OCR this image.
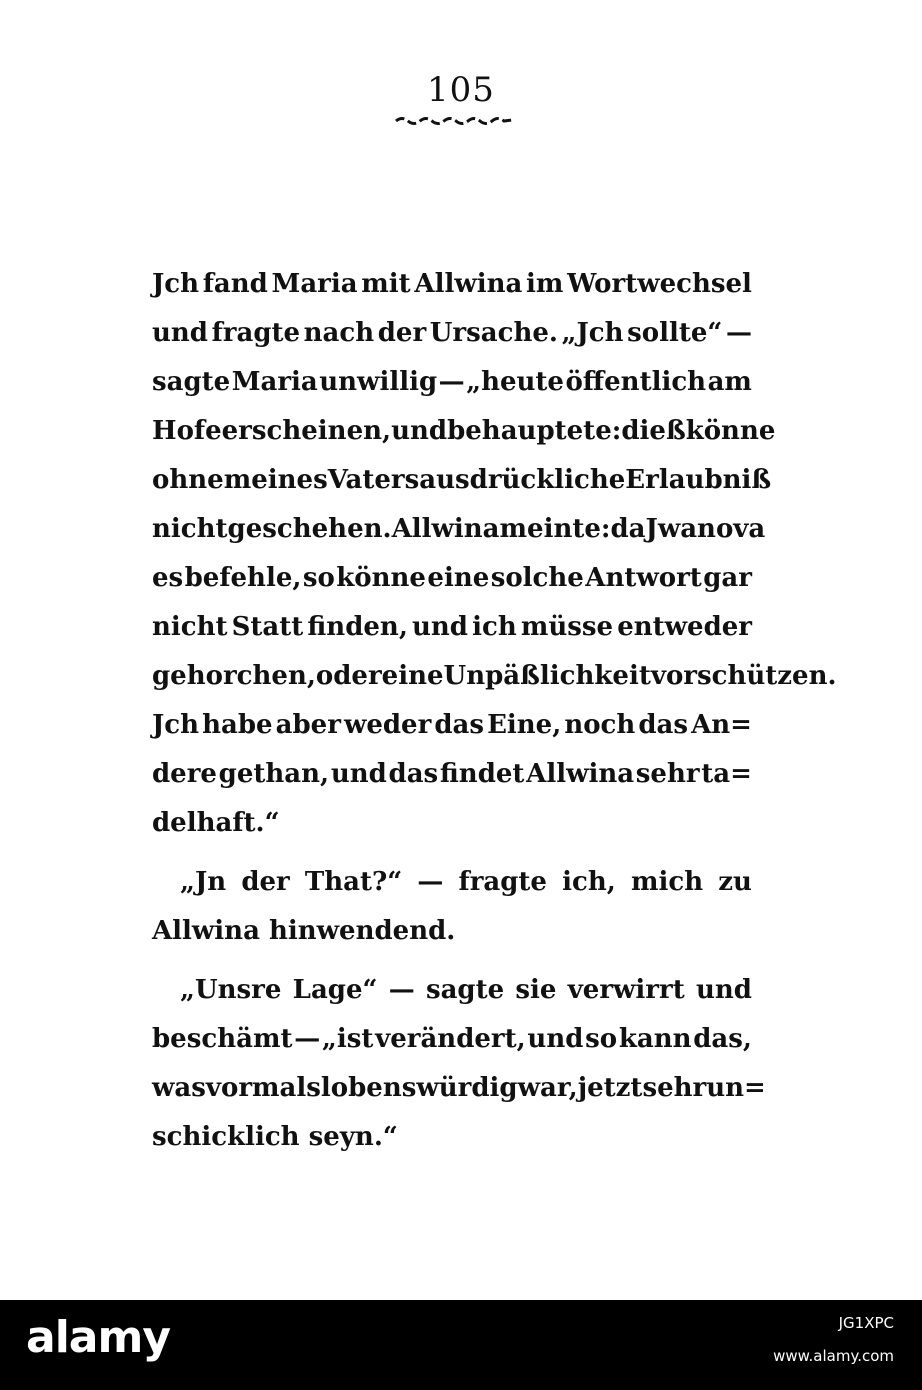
105
Jch fand Maria mit Allwina im Wortwechsel
und fragte nach der Ursache. „Jch sollte“ —
sagte Maria unwillig — „heute öffentlich am
Hofe erscheinen, und behauptete: dieß könne
ohne meines Vaters ausdrückliche Erlaubniß
nicht geschehen. Allwina meinte: da Jwanova
es befehle, so könne eine solche Antwort gar
nicht Statt finden, und ich müsse entweder
gehorchen, oder eine Unpäßlichkeit vorschützen.
Jch habe aber weder das Eine, noch das An=
dere gethan, und das findet Allwina sehr ta=
delhaft.“
„Jn der That?“ — fragte ich, mich zu
Allwina hinwendend.
„Unsre Lage“ — sagte sie verwirrt und
beschämt — „ist verändert, und so kann das,
was vormals lobenswürdig war, jetzt sehr un=
schicklich seyn.“
alamy	JG1XPC
www.alamy.com
